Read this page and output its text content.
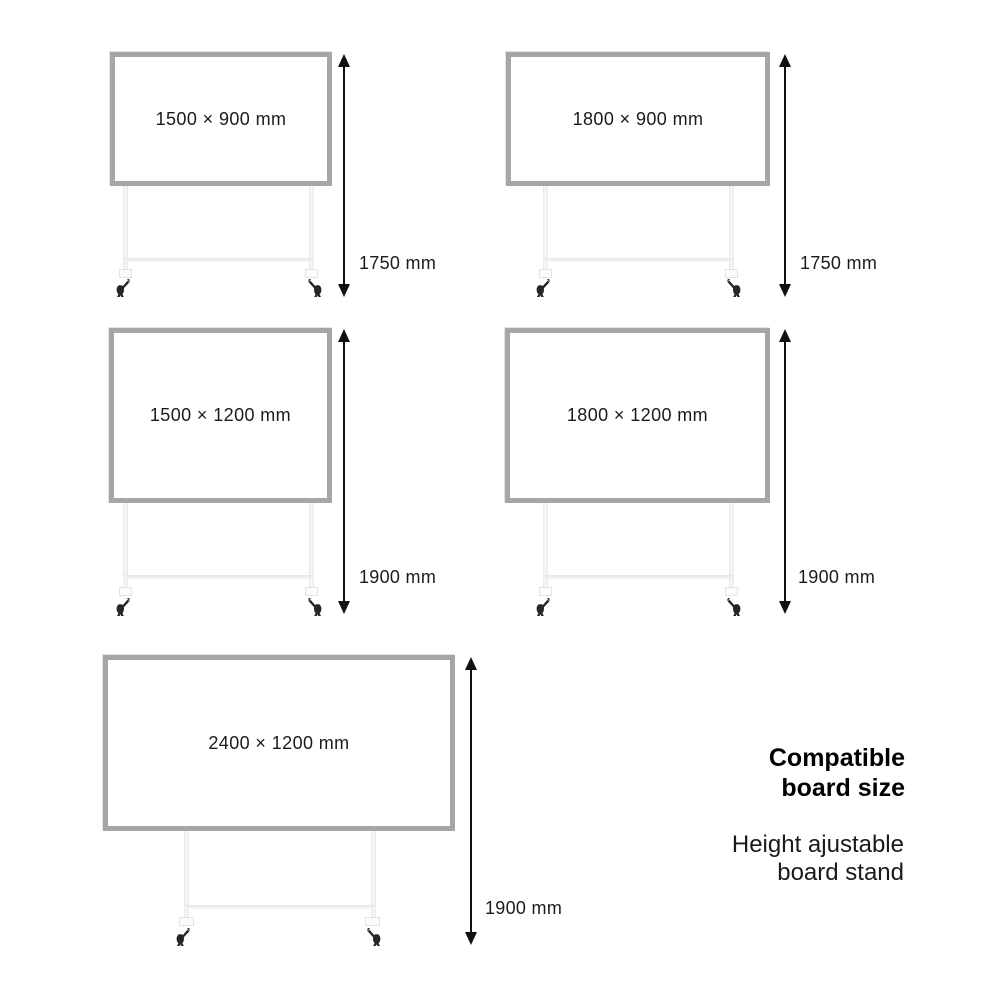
1500 × 900 mm
1750 mm
1800 × 900 mm
1750 mm
1500 × 1200 mm
1900 mm
1800 × 1200 mm
1900 mm
2400 × 1200 mm
1900 mm
Compatible
board size
Height ajustable
board stand
